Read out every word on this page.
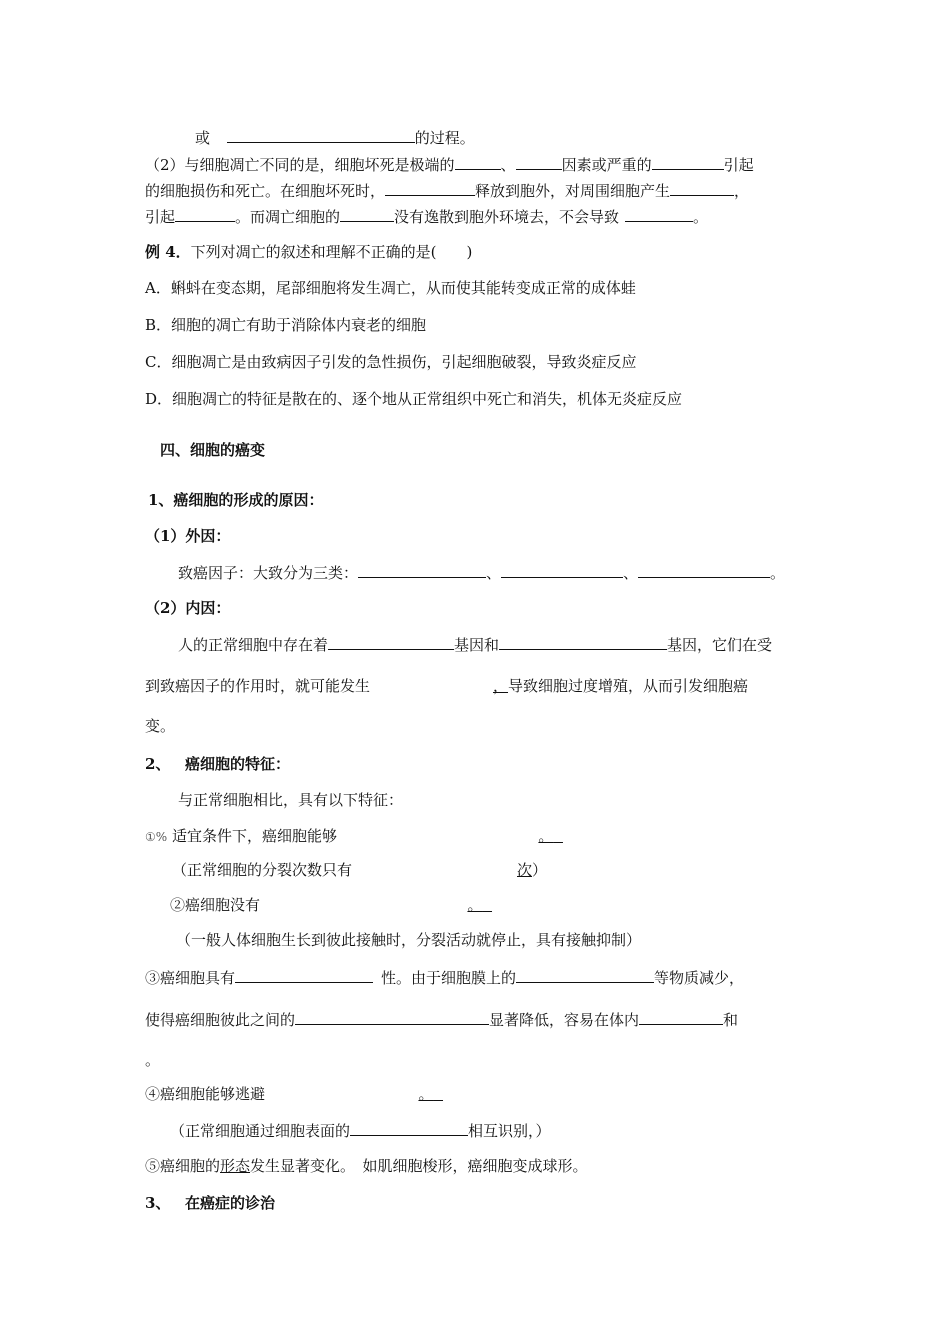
或	的过程。
（2）与细胞凋亡不同的是，细胞坏死是极端的	、	因素或严重的	引起
的细胞损伤和死亡。在细胞坏死时，	释放到胞外，对周围细胞产生	，
引起	。而凋亡细胞的	没有逸散到胞外环境去，不会导致	。
例 4．下列对凋亡的叙述和理解不正确的是(　　)
A．蝌蚪在变态期，尾部细胞将发生凋亡，从而使其能转变成正常的成体蛙
B．细胞的凋亡有助于消除体内衰老的细胞
C．细胞凋亡是由致病因子引发的急性损伤，引起细胞破裂，导致炎症反应
D．细胞凋亡的特征是散在的、逐个地从正常组织中死亡和消失，机体无炎症反应
四、细胞的癌变
1、癌细胞的形成的原因：
（1）外因：
致癌因子：大致分为三类：	、	、	。
（2）内因：
人的正常细胞中存在着	基因和	基因，它们在受
到致癌因子的作用时，就可能发生	，导致细胞过度增殖，从而引发细胞癌
变。
2、 癌细胞的特征：
与正常细胞相比，具有以下特征：
①% 适宜条件下，癌细胞能够	。
（正常细胞的分裂次数只有	次）
②癌细胞没有	。
（一般人体细胞生长到彼此接触时，分裂活动就停止，具有接触抑制）
③癌细胞具有	性。由于细胞膜上的	等物质减少，
使得癌细胞彼此之间的	显著降低，容易在体内	和
。
④癌细胞能够逃避	。
（正常细胞通过细胞表面的	相互识别，）
⑤癌细胞的形态发生显著变化。　如肌细胞梭形，癌细胞变成球形。
3、 在癌症的诊治
